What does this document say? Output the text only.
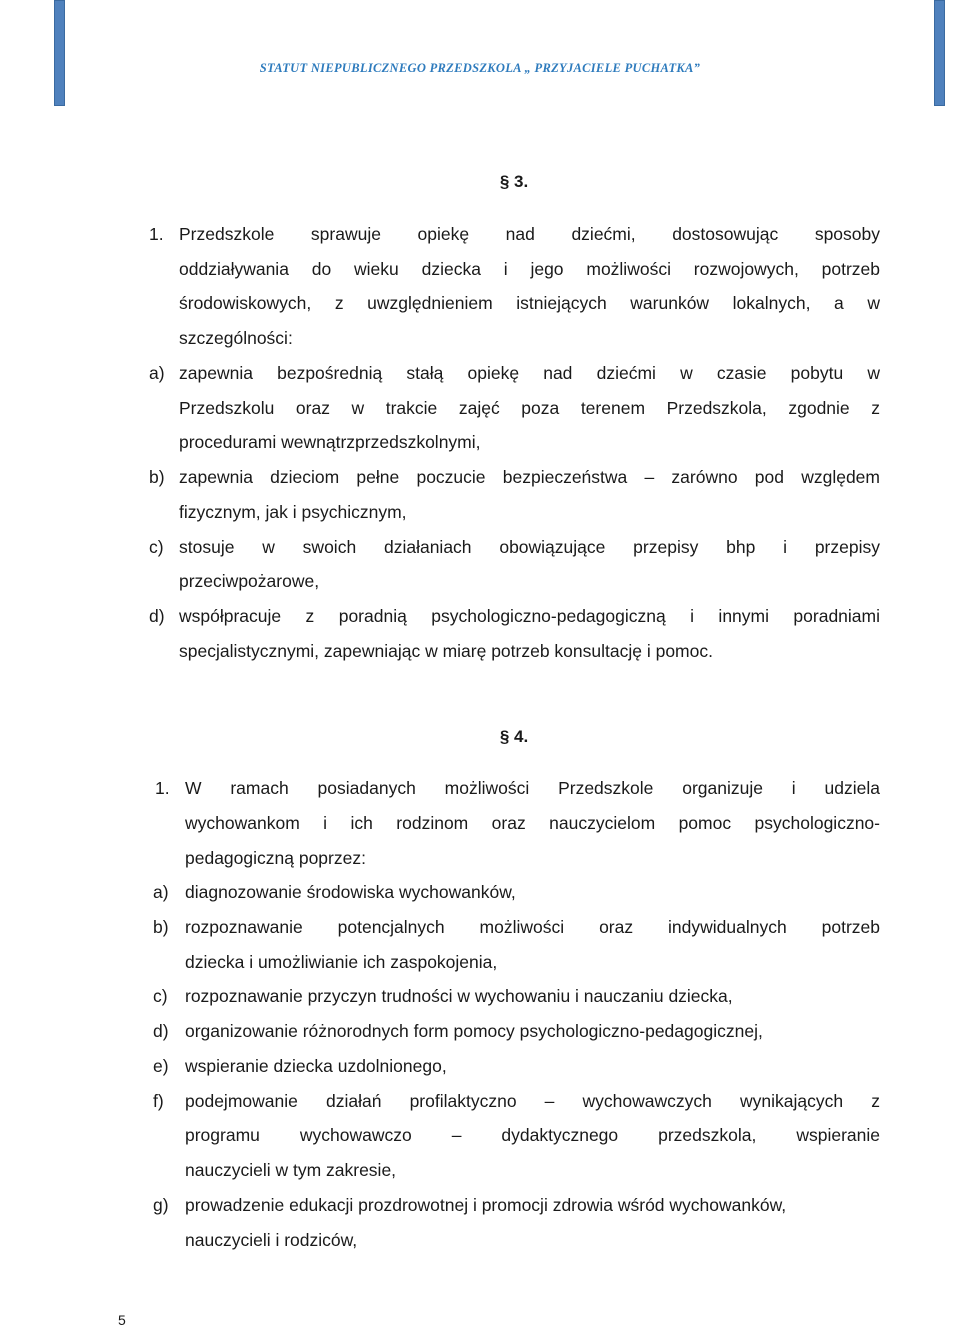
STATUT NIEPUBLICZNEGO PRZEDSZKOLA „ PRZYJACIELE PUCHATKA”
§ 3.
1. Przedszkole sprawuje opiekę nad dziećmi, dostosowując sposoby
oddziaływania do wieku dziecka i jego możliwości rozwojowych, potrzeb
środowiskowych, z uwzględnieniem istniejących warunków lokalnych, a w
szczególności:
a) zapewnia bezpośrednią stałą opiekę nad dziećmi w czasie pobytu w
Przedszkolu oraz w trakcie zajęć poza terenem Przedszkola, zgodnie z
procedurami wewnątrzprzedszkolnymi,
b) zapewnia dzieciom pełne poczucie bezpieczeństwa – zarówno pod względem
fizycznym, jak i psychicznym,
c) stosuje w swoich działaniach obowiązujące przepisy bhp i przepisy
przeciwpożarowe,
d) współpracuje z poradnią psychologiczno-pedagogiczną i innymi poradniami
specjalistycznymi, zapewniając w miarę potrzeb konsultację i pomoc.
§ 4.
1. W ramach posiadanych możliwości Przedszkole organizuje i udziela
wychowankom i ich rodzinom oraz nauczycielom pomoc psychologiczno-
pedagogiczną poprzez:
a) diagnozowanie środowiska wychowanków,
b) rozpoznawanie potencjalnych możliwości oraz indywidualnych potrzeb
dziecka i umożliwianie ich zaspokojenia,
c) rozpoznawanie przyczyn trudności w wychowaniu i nauczaniu dziecka,
d) organizowanie różnorodnych form pomocy psychologiczno-pedagogicznej,
e) wspieranie dziecka uzdolnionego,
f) podejmowanie działań profilaktyczno – wychowawczych wynikających z
programu wychowawczo – dydaktycznego przedszkola, wspieranie
nauczycieli w tym zakresie,
g) prowadzenie edukacji prozdrowotnej i promocji zdrowia wśród wychowanków,
nauczycieli i rodziców,
5
